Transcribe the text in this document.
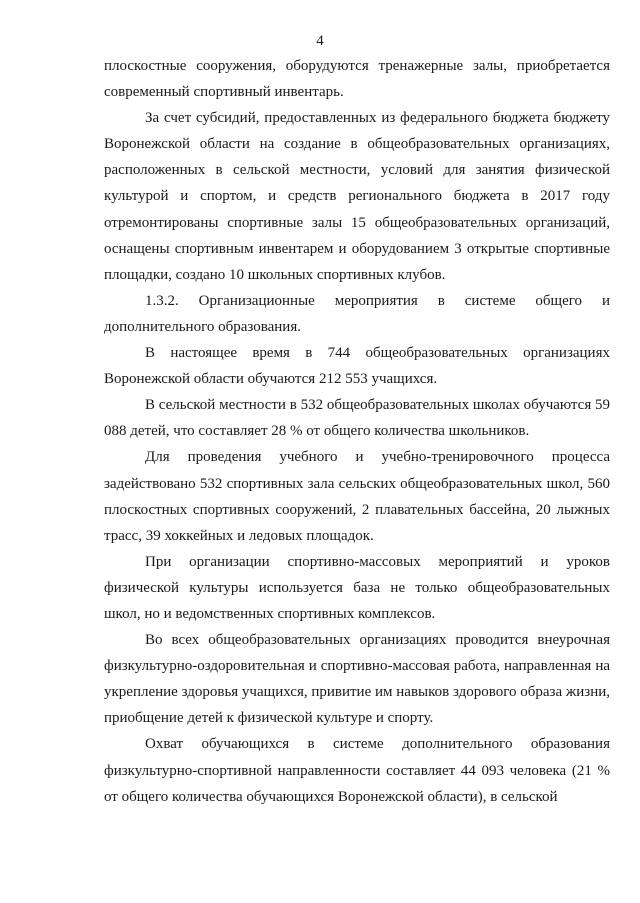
4

плоскостные сооружения, оборудуются тренажерные залы, приобретается современный спортивный инвентарь.

За счет субсидий, предоставленных из федерального бюджета бюджету Воронежской области на создание в общеобразовательных организациях, расположенных в сельской местности, условий для занятия физической культурой и спортом, и средств регионального бюджета в 2017 году отремонтированы спортивные залы 15 общеобразовательных организаций, оснащены спортивным инвентарем и оборудованием 3 открытые спортивные площадки, создано 10 школьных спортивных клубов.

1.3.2. Организационные мероприятия в системе общего и дополнительного образования.

В настоящее время в 744 общеобразовательных организациях Воронежской области обучаются 212 553 учащихся.

В сельской местности в 532 общеобразовательных школах обучаются 59 088 детей, что составляет 28 % от общего количества школьников.

Для проведения учебного и учебно-тренировочного процесса задействовано 532 спортивных зала сельских общеобразовательных школ, 560 плоскостных спортивных сооружений, 2 плавательных бассейна, 20 лыжных трасс, 39 хоккейных и ледовых площадок.

При организации спортивно-массовых мероприятий и уроков физической культуры используется база не только общеобразовательных школ, но и ведомственных спортивных комплексов.

Во всех общеобразовательных организациях проводится внеурочная физкультурно-оздоровительная и спортивно-массовая работа, направленная на укрепление здоровья учащихся, привитие им навыков здорового образа жизни, приобщение детей к физической культуре и спорту.

Охват обучающихся в системе дополнительного образования физкультурно-спортивной направленности составляет 44 093 человека (21 % от общего количества обучающихся Воронежской области), в сельской
